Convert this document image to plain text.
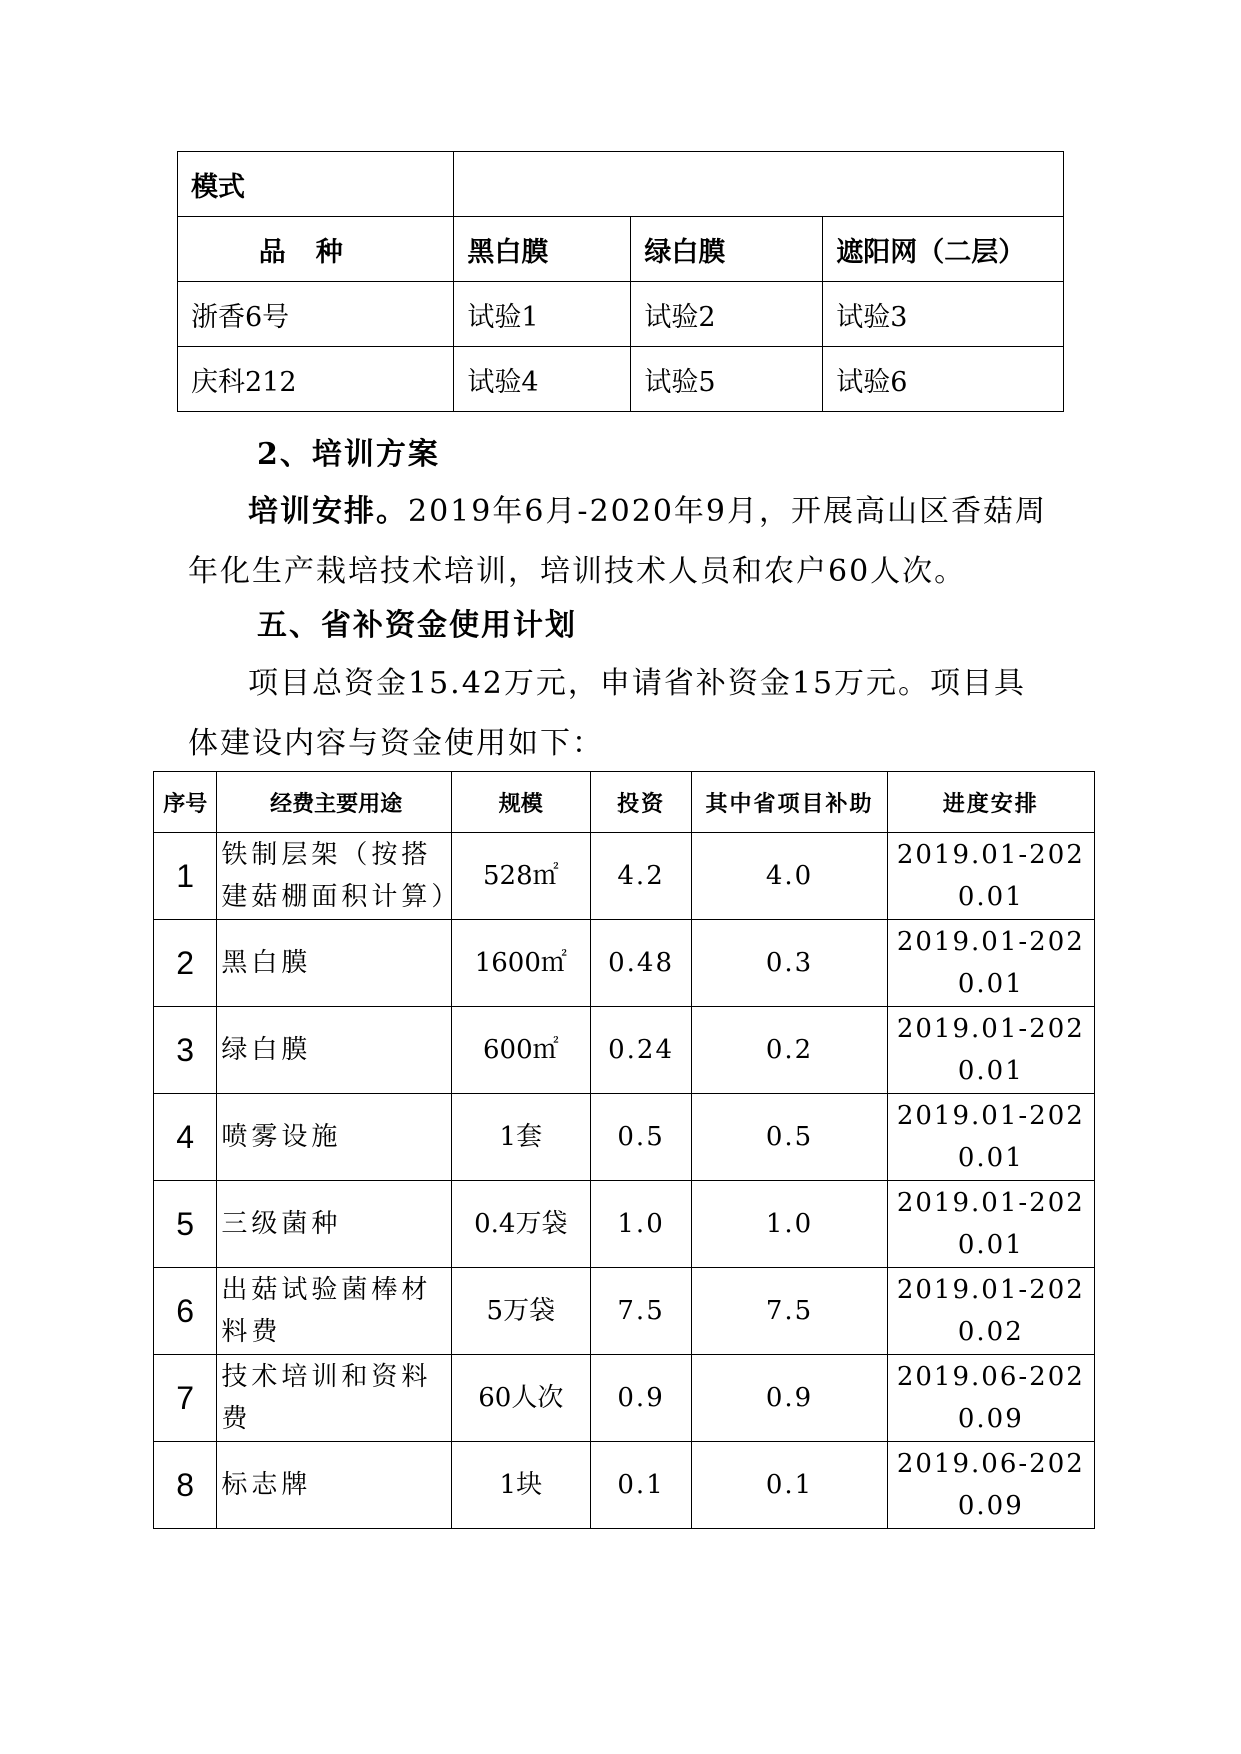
模式			
品种	黑白膜	绿白膜	遮阳网（二层）
浙香6号	试验1	试验2	试验3
庆科212	试验4	试验5	试验6
2、培训方案
培训安排。2019年6月-2020年9月，开展高山区香菇周年化生产栽培技术培训，培训技术人员和农户60人次。
五、省补资金使用计划
项目总资金15.42万元，申请省补资金15万元。项目具体建设内容与资金使用如下：
序号	经费主要用途	规模	投资	其中省项目补助	进度安排
1	铁制层架（按搭建菇棚面积计算）	528㎡	4.2	4.0	2019.01-2020.01
2	黑白膜	1600㎡	0.48	0.3	2019.01-2020.01
3	绿白膜	600㎡	0.24	0.2	2019.01-2020.01
4	喷雾设施	1套	0.5	0.5	2019.01-2020.01
5	三级菌种	0.4万袋	1.0	1.0	2019.01-2020.01
6	出菇试验菌棒材料费	5万袋	7.5	7.5	2019.01-2020.02
7	技术培训和资料费	60人次	0.9	0.9	2019.06-2020.09
8	标志牌	1块	0.1	0.1	2019.06-2020.09
